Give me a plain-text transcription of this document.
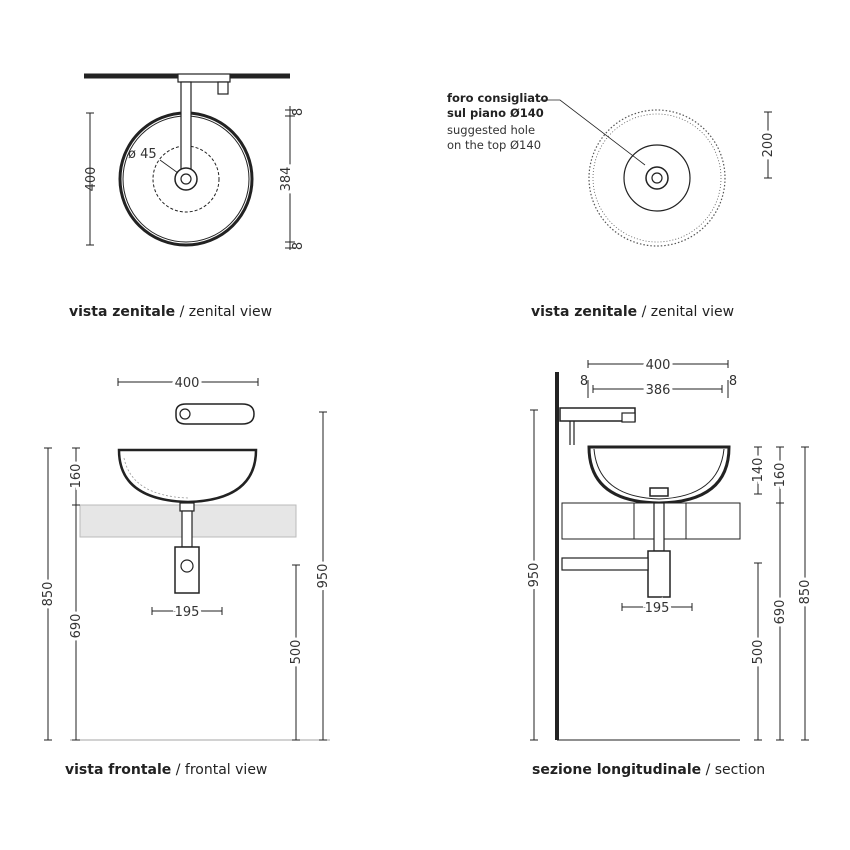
400	384
8
8
ø 45
foro consigliato
sul piano Ø140
suggested hole
on the top Ø140	200
400
160
850
690
195
500
950
400
386
8	8
950
140 160
690
850
195
500
vista zenitale / zenital view	vista zenitale / zenital view
vista frontale / frontal view	sezione longitudinale / section
